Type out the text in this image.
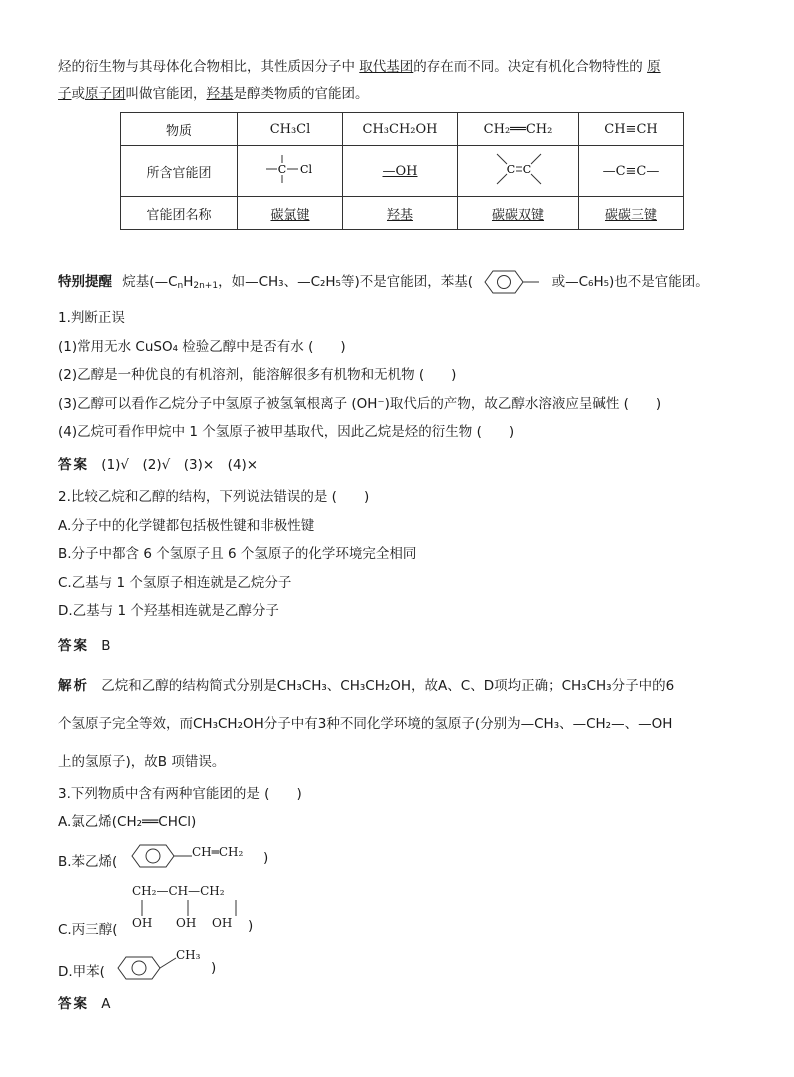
烃的衍生物与其母体化合物相比，其性质因分子中 取代基团的存在而不同。决定有机化合物特性的 原
子或原子团叫做官能团，羟基是醇类物质的官能团。
物质	CH₃Cl	CH₃CH₂OH	CH₂══CH₂	CH≡CH
所含官能团	C Cl	—OH	C C	—C≡C—
官能团名称	碳氯键	羟基	碳碳双键	碳碳三键
特别提醒 烷基($—C_nH_{2n+1}$，如—CH₃、—C₂H₅等)不是官能团，苯基(	或—C₆H₅)也不是官能团。

1.判断正误

(1)常用无水 CuSO₄ 检验乙醇中是否有水 (　　)

(2)乙醇是一种优良的有机溶剂，能溶解很多有机物和无机物 (　　)

(3)乙醇可以看作乙烷分子中氢原子被氢氧根离子 (OH⁻)取代后的产物，故乙醇水溶液应呈碱性 (　　)

(4)乙烷可看作甲烷中 1 个氢原子被甲基取代，因此乙烷是烃的衍生物 (　　)

答案 (1)√　(2)√　(3)×　(4)×

2.比较乙烷和乙醇的结构，下列说法错误的是 (　　)

A.分子中的化学键都包括极性键和非极性键

B.分子中都含 6 个氢原子且 6 个氢原子的化学环境完全相同

C.乙基与 1 个氢原子相连就是乙烷分子

D.乙基与 1 个羟基相连就是乙醇分子

答案 B

解析 乙烷和乙醇的结构简式分别是CH₃CH₃、CH₃CH₂OH，故A、C、D项均正确；CH₃CH₃分子中的6

个氢原子完全等效，而CH₃CH₂OH分子中有3种不同化学环境的氢原子(分别为—CH₃、—CH₂—、—OH

上的氢原子)，故B 项错误。

3.下列物质中含有两种官能团的是 (　　)
A.氯乙烯(CH₂══CHCl)
B.苯乙烯(
CH═CH₂ )
CH₂—CH—CH₂
OH OH OH
C.丙三醇(	)
D.甲苯(
CH₃
)
答案 A
